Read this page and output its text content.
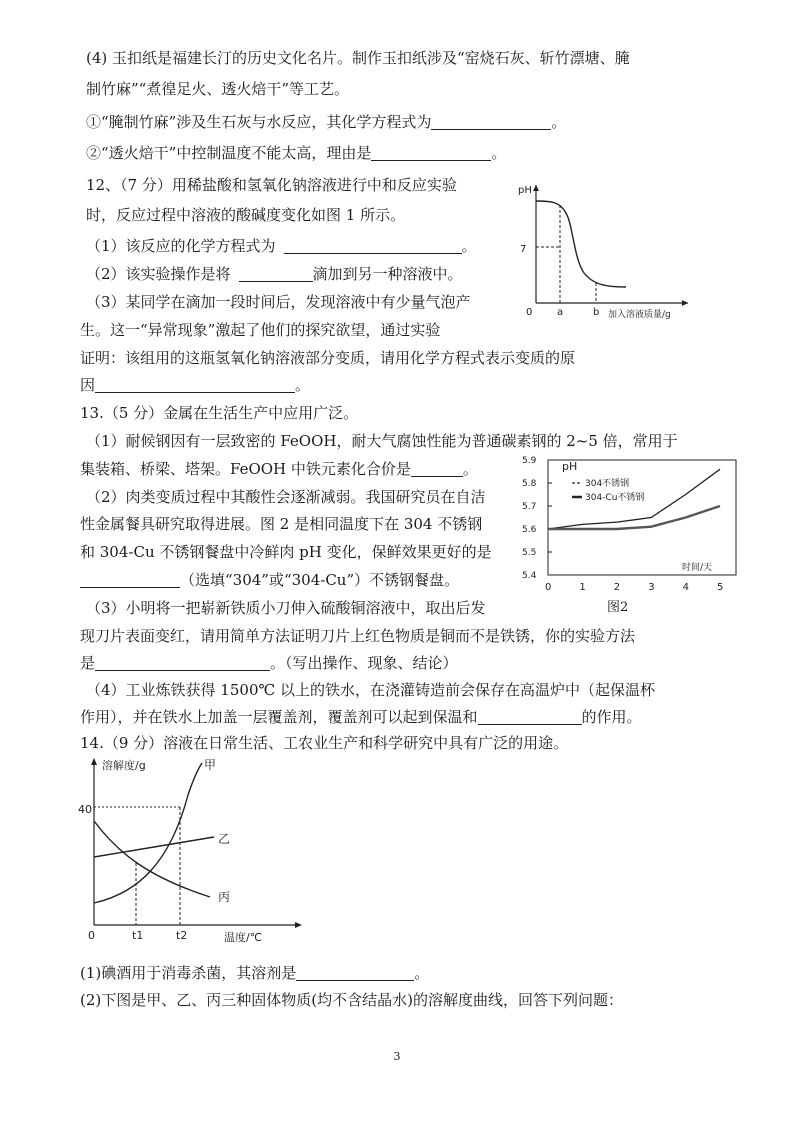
(4) 玉扣纸是福建长汀的历史文化名片。制作玉扣纸涉及“窑烧石灰、斩竹漂塘、腌
制竹麻”“煮徨足火、透火焙干”等工艺。
①“腌制竹麻”涉及生石灰与水反应，其化学方程式为	。
②“透火焙干”中控制温度不能太高，理由是	。
12、（7 分）用稀盐酸和氢氧化钠溶液进行中和反应实验
时，反应过程中溶液的酸碱度变化如图 1 所示。
（1）该反应的化学方程式为	。
（2）该实验操作是将	滴加到另一种溶液中。
（3）某同学在滴加一段时间后，发现溶液中有少量气泡产
生。这一“异常现象”激起了他们的探究欲望，通过实验
证明：该组用的这瓶氢氧化钠溶液部分变质，请用化学方程式表示变质的原
因	。
pH
7
0 a	b 加入溶液质量/g
13.（5 分）金属在生活生产中应用广泛。
（1）耐候钢因有一层致密的 FeOOH，耐大气腐蚀性能为普通碳素钢的 2~5 倍，常用于
集装箱、桥梁、塔架。FeOOH 中铁元素化合价是	。
（2）肉类变质过程中其酸性会逐渐减弱。我国研究员在自洁
性金属餐具研究取得进展。图 2 是相同温度下在 304 不锈钢
和 304-Cu 不锈钢餐盘中冷鲜肉 pH 变化，保鲜效果更好的是
（选填“304”或“304-Cu”）不锈钢餐盘。
（3）小明将一把崭新铁质小刀伸入硫酸铜溶液中，取出后发	图2
现刀片表面变红，请用简单方法证明刀片上红色物质是铜而不是铁锈，你的实验方法
是	。（写出操作、现象、结论）
（4）工业炼铁获得 1500℃ 以上的铁水，在浇灌铸造前会保存在高温炉中（起保温杯
作用），并在铁水上加盖一层覆盖剂，覆盖剂可以起到保温和	的作用。
5.4
5.5
5.6
5.7
5.8
5.9
0	1	2	3	4	5
pH
304不锈钢
304-Cu不锈钢
时间/天
14.（9 分）溶液在日常生活、工农业生产和科学研究中具有广泛的用途。
溶解度/g
40
0	t1	t2	温度/℃
甲
乙
丙
(1)碘酒用于消毒杀菌，其溶剂是	。
(2)下图是甲、乙、丙三种固体物质(均不含结晶水)的溶解度曲线，回答下列问题：
3
